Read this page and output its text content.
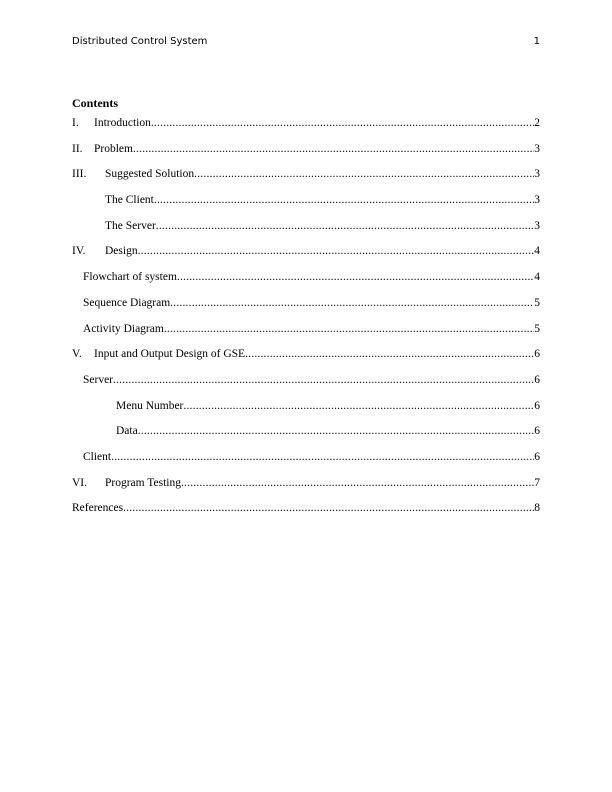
Distributed Control System	1
Contents
I.	Introduction .....	2
II. Problem .....	3
III.	Suggested Solution .....	3
The Client .....	3
The Server .....	3
IV.	Design .....	4
Flowchart of system .....	4
Sequence Diagram .....	5
Activity Diagram .....	5
V.	Input and Output Design of GSE .....	6
Server .....	6
Menu Number .....	6
Data .....	6
Client .....	6
VI.	Program Testing .....	7
References .....	8
